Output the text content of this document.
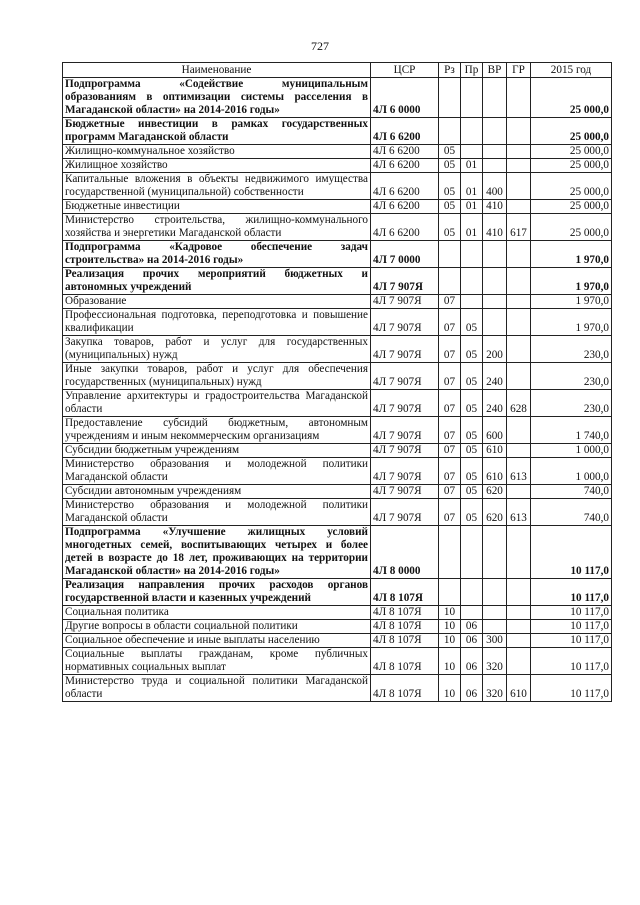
727
Наименование	ЦСР	Рз	Пр	ВР	ГР	2015 год
Подпрограмма «Содействие муниципальным образованиям в оптимизации системы расселения в Магаданской области» на 2014-2016 годы»	4Л 6 0000					25 000,0
Бюджетные инвестиции в рамках государственных программ Магаданской области	4Л 6 6200					25 000,0
Жилищно-коммунальное хозяйство	4Л 6 6200	05				25 000,0
Жилищное хозяйство	4Л 6 6200	05	01			25 000,0
Капитальные вложения в объекты недвижимого имущества государственной (муниципальной) собственности	4Л 6 6200	05	01	400		25 000,0
Бюджетные инвестиции	4Л 6 6200	05	01	410		25 000,0
Министерство строительства, жилищно-коммунального хозяйства и энергетики Магаданской области	4Л 6 6200	05	01	410	617	25 000,0
Подпрограмма «Кадровое обеспечение задач строительства» на 2014-2016 годы»	4Л 7 0000					1 970,0
Реализация прочих мероприятий бюджетных и автономных учреждений	4Л 7 907Я					1 970,0
Образование	4Л 7 907Я	07				1 970,0
Профессиональная подготовка, переподготовка и повышение квалификации	4Л 7 907Я	07	05			1 970,0
Закупка товаров, работ и услуг для государственных (муниципальных) нужд	4Л 7 907Я	07	05	200		230,0
Иные закупки товаров, работ и услуг для обеспечения государственных (муниципальных) нужд	4Л 7 907Я	07	05	240		230,0
Управление архитектуры и градостроительства Магаданской области	4Л 7 907Я	07	05	240	628	230,0
Предоставление субсидий бюджетным, автономным учреждениям и иным некоммерческим организациям	4Л 7 907Я	07	05	600		1 740,0
Субсидии бюджетным учреждениям	4Л 7 907Я	07	05	610		1 000,0
Министерство образования и молодежной политики Магаданской области	4Л 7 907Я	07	05	610	613	1 000,0
Субсидии автономным учреждениям	4Л 7 907Я	07	05	620		740,0
Министерство образования и молодежной политики Магаданской области	4Л 7 907Я	07	05	620	613	740,0
Подпрограмма «Улучшение жилищных условий многодетных семей, воспитывающих четырех и более детей в возрасте до 18 лет, проживающих на территории Магаданской области» на 2014-2016 годы»	4Л 8 0000					10 117,0
Реализация направления прочих расходов органов государственной власти и казенных учреждений	4Л 8 107Я					10 117,0
Социальная политика	4Л 8 107Я	10				10 117,0
Другие вопросы в области социальной политики	4Л 8 107Я	10	06			10 117,0
Социальное обеспечение и иные выплаты населению	4Л 8 107Я	10	06	300		10 117,0
Социальные выплаты гражданам, кроме публичных нормативных социальных выплат	4Л 8 107Я	10	06	320		10 117,0
Министерство труда и социальной политики Магаданской области	4Л 8 107Я	10	06	320	610	10 117,0
